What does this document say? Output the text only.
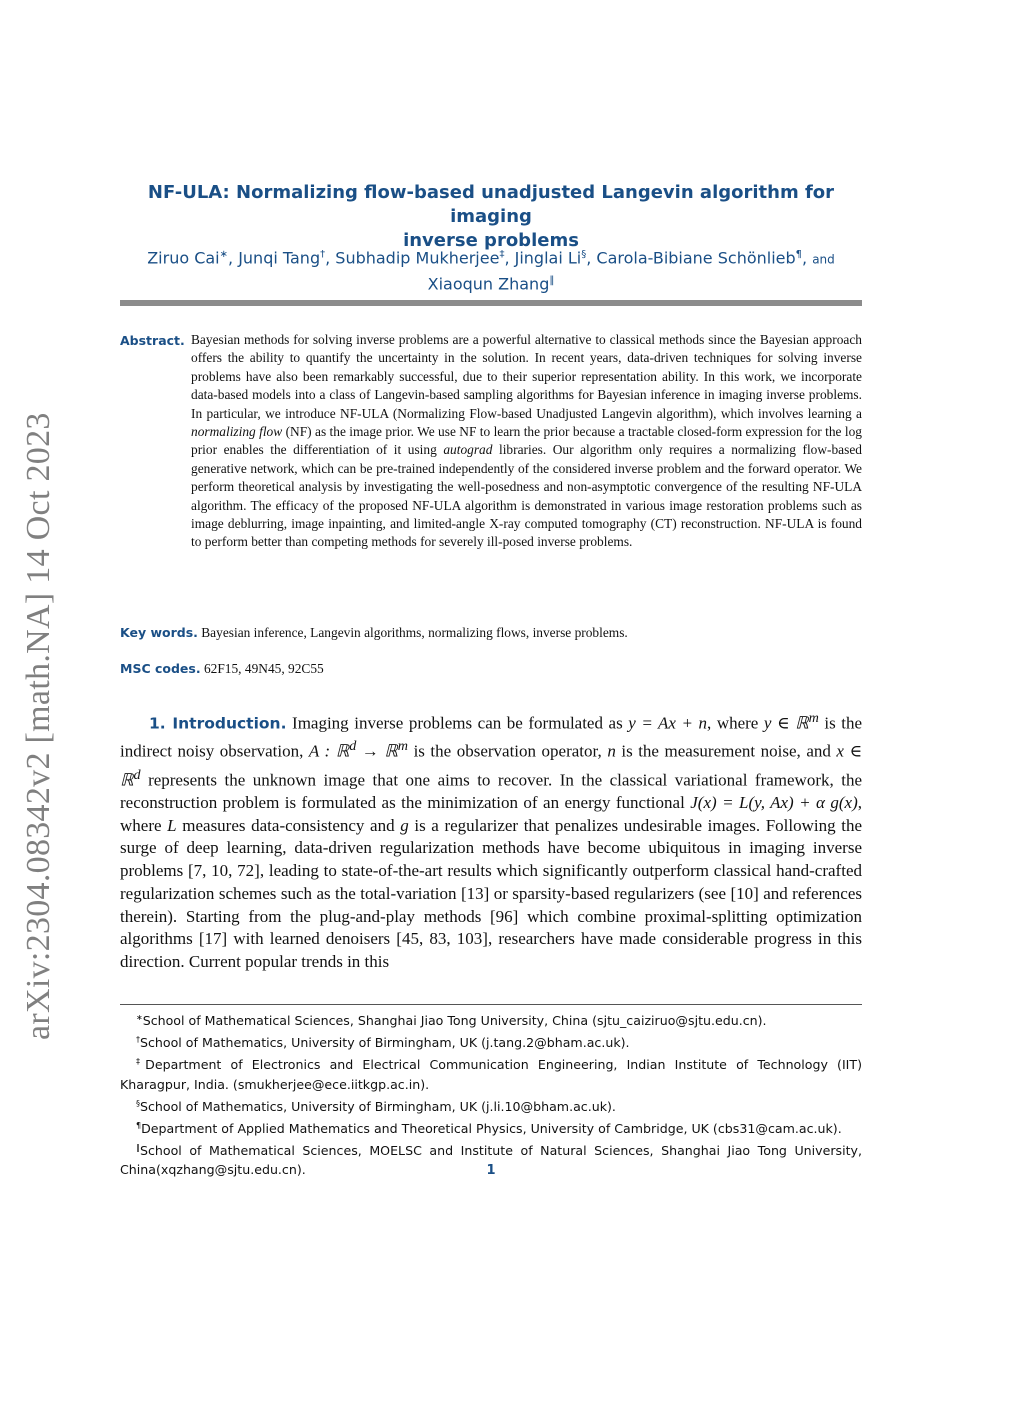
arXiv:2304.08342v2 [math.NA] 14 Oct 2023
NF-ULA: Normalizing flow-based unadjusted Langevin algorithm for imaging
inverse problems
Ziruo Cai∗, Junqi Tang†, Subhadip Mukherjee‡, Jinglai Li§, Carola-Bibiane Schönlieb¶, and
Xiaoqun Zhang‖
Abstract. Bayesian methods for solving inverse problems are a powerful alternative to classical methods since the Bayesian approach offers the ability to quantify the uncertainty in the solution. In recent years, data-driven techniques for solving inverse problems have also been remarkably successful, due to their superior representation ability. In this work, we incorporate data-based models into a class of Langevin-based sampling algorithms for Bayesian inference in imaging inverse problems. In particular, we introduce NF-ULA (Normalizing Flow-based Unadjusted Langevin algorithm), which involves learning a normalizing flow (NF) as the image prior. We use NF to learn the prior because a tractable closed-form expression for the log prior enables the differentiation of it using autograd libraries. Our algorithm only requires a normalizing flow-based generative network, which can be pre-trained independently of the considered inverse problem and the forward operator. We perform theoretical analysis by investigating the well-posedness and non-asymptotic convergence of the resulting NF-ULA algorithm. The efficacy of the proposed NF-ULA algorithm is demonstrated in various image restoration problems such as image deblurring, image inpainting, and limited-angle X-ray computed tomography (CT) reconstruction. NF-ULA is found to perform better than competing methods for severely ill-posed inverse problems.
Key words. Bayesian inference, Langevin algorithms, normalizing flows, inverse problems.
MSC codes. 62F15, 49N45, 92C55

1. Introduction. Imaging inverse problems can be formulated as y = Ax + n, where y ∈ ℝ$^m$ is the indirect noisy observation, A : ℝ$^d$ → ℝ$^m$ is the observation operator, n is the measurement noise, and x ∈ ℝ$^d$ represents the unknown image that one aims to recover. In the classical variational framework, the reconstruction problem is formulated as the minimization of an energy functional J(x) = L(y, Ax) + α g(x), where L measures data-consistency and g is a regularizer that penalizes undesirable images. Following the surge of deep learning, data-driven regularization methods have become ubiquitous in imaging inverse problems [7, 10, 72], leading to state-of-the-art results which significantly outperform classical hand-crafted regularization schemes such as the total-variation [13] or sparsity-based regularizers (see [10] and references therein). Starting from the plug-and-play methods [96] which combine proximal-splitting optimization algorithms [17] with learned denoisers [45, 83, 103], researchers have made considerable progress in this direction. Current popular trends in this

∗School of Mathematical Sciences, Shanghai Jiao Tong University, China (sjtu_caiziruo@sjtu.edu.cn).
†School of Mathematics, University of Birmingham, UK (j.tang.2@bham.ac.uk).
‡Department of Electronics and Electrical Communication Engineering, Indian Institute of Technology (IIT) Kharagpur, India. (smukherjee@ece.iitkgp.ac.in).
§School of Mathematics, University of Birmingham, UK (j.li.10@bham.ac.uk).
¶Department of Applied Mathematics and Theoretical Physics, University of Cambridge, UK (cbs31@cam.ac.uk).
‖School of Mathematical Sciences, MOELSC and Institute of Natural Sciences, Shanghai Jiao Tong University, China(xqzhang@sjtu.edu.cn).	1
